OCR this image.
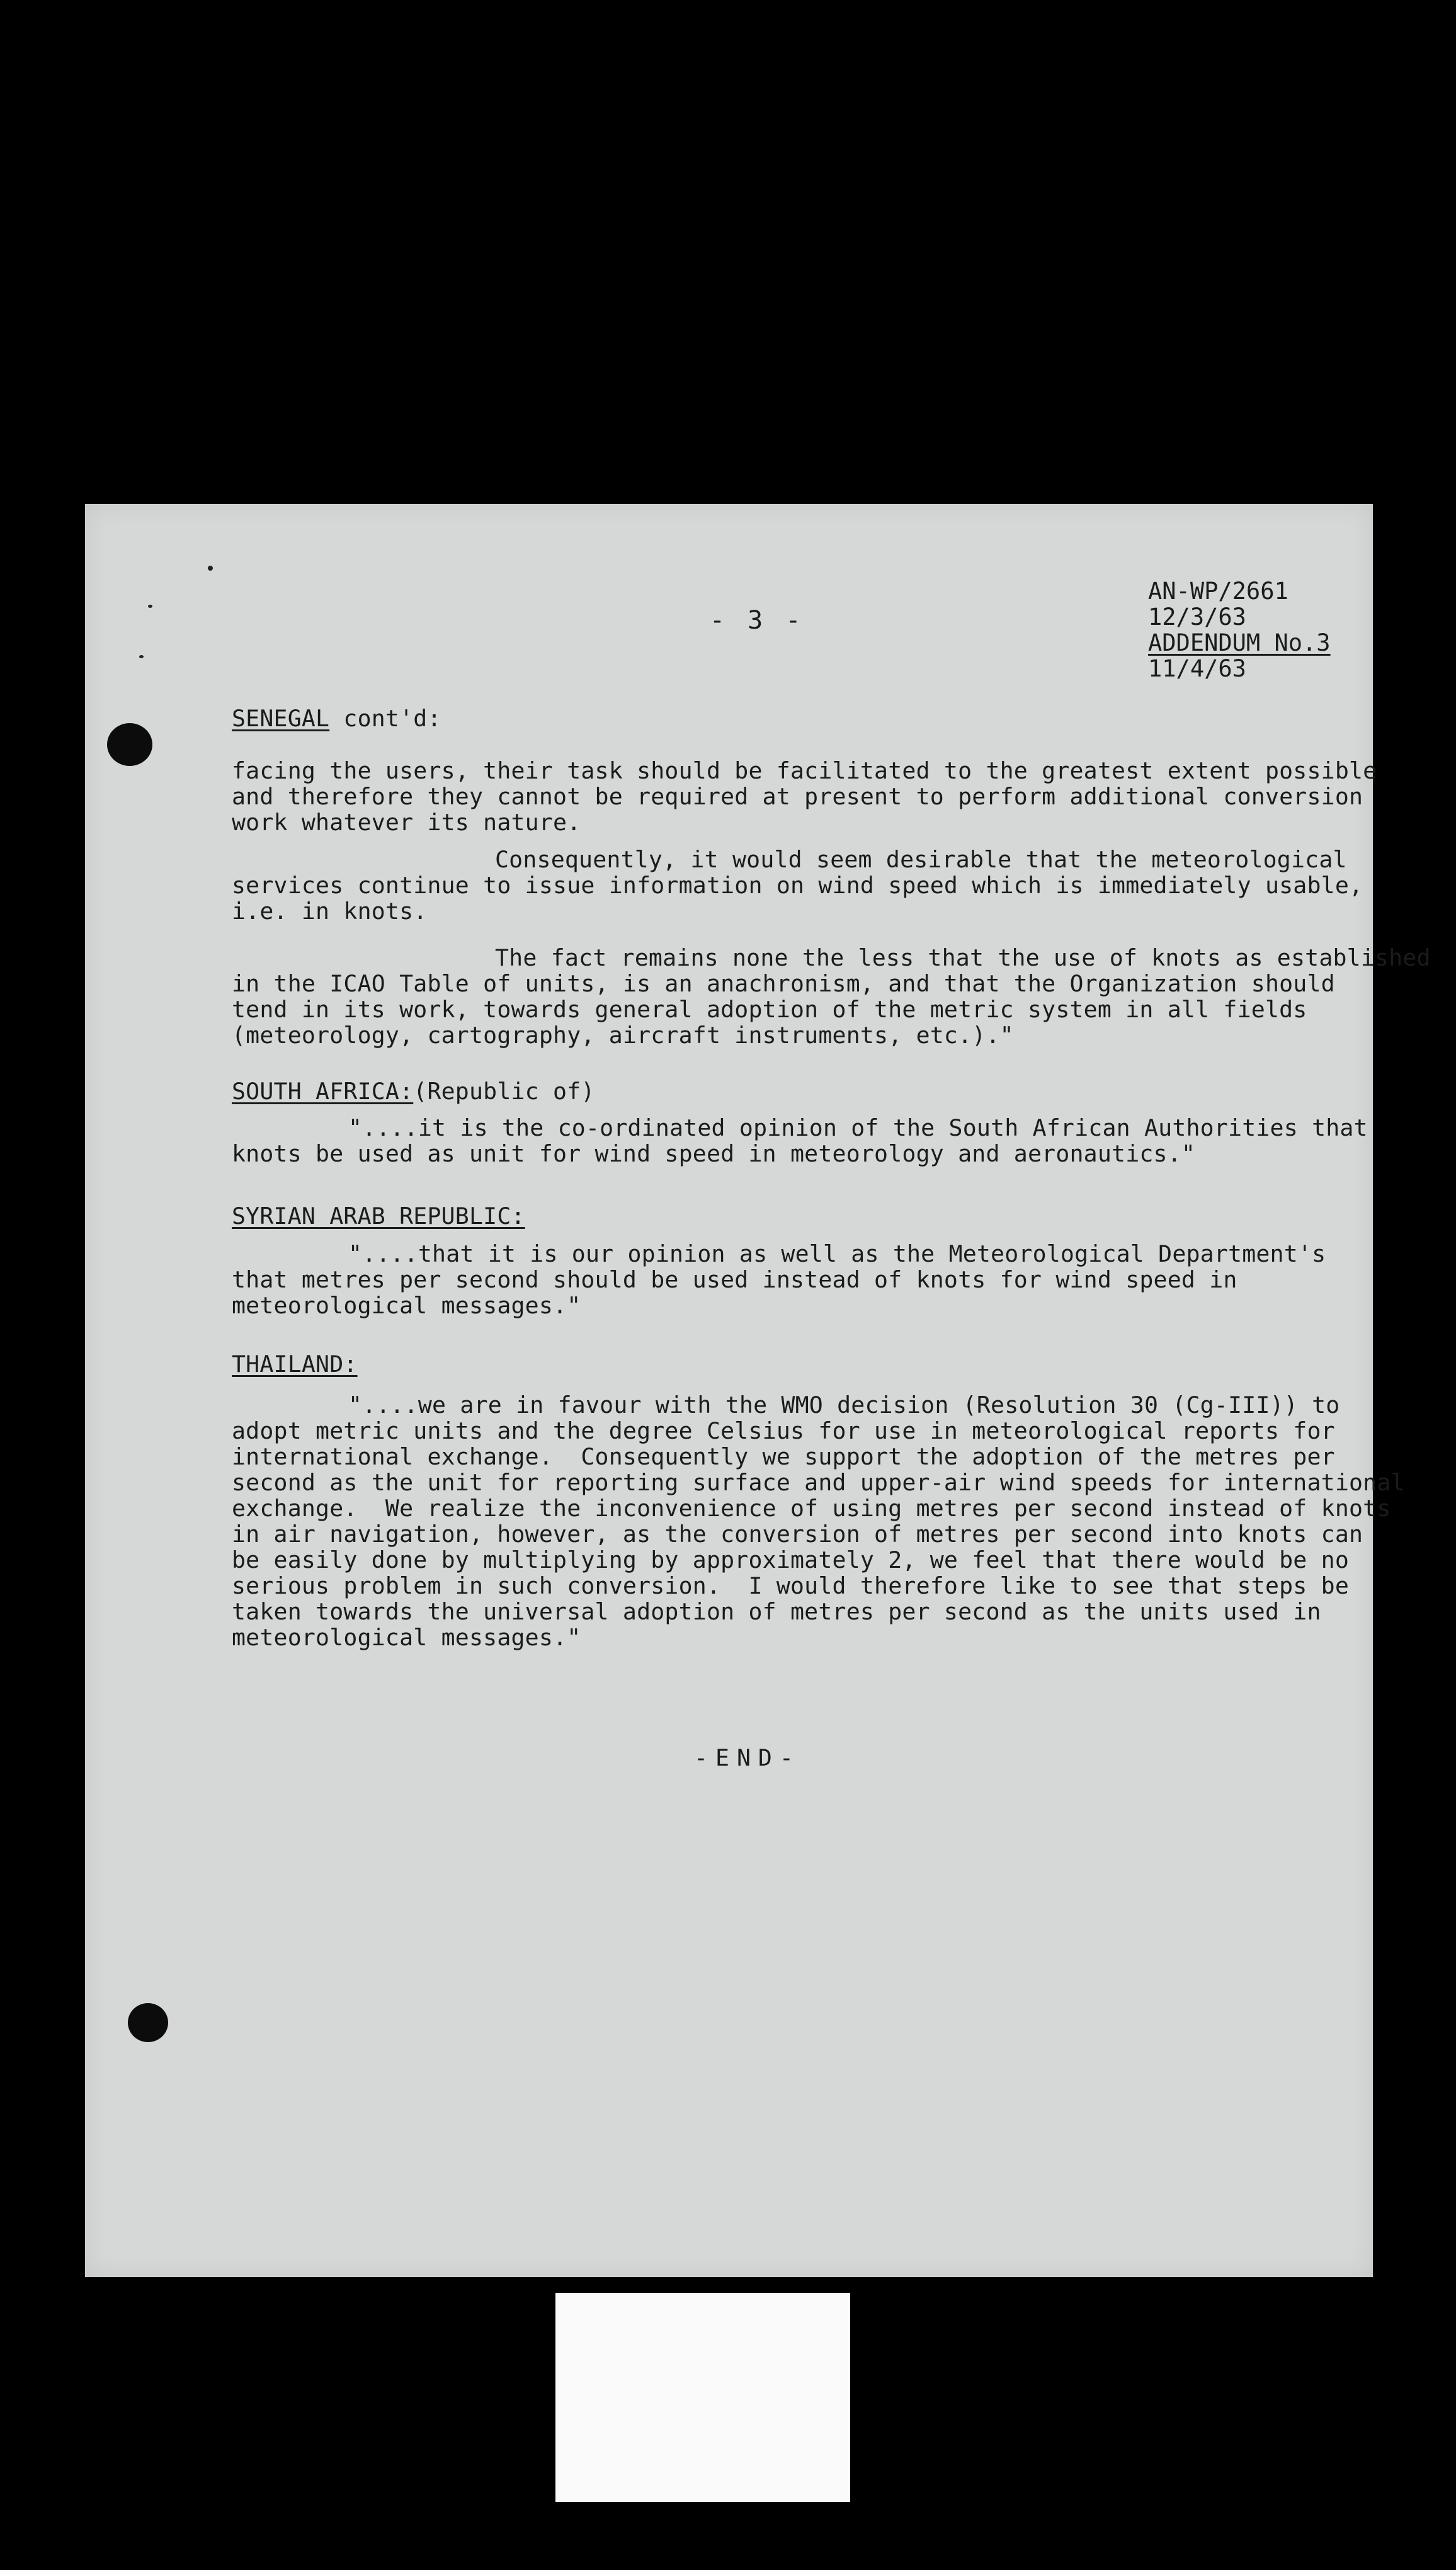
- 3 -
AN-WP/2661
12/3/63
ADDENDUM No.3
11/4/63
SENEGAL cont'd:
facing the users, their task should be facilitated to the greatest extent possible
and therefore they cannot be required at present to perform additional conversion
work whatever its nature.
Consequently, it would seem desirable that the meteorological
services continue to issue information on wind speed which is immediately usable,
i.e. in knots.
The fact remains none the less that the use of knots as established
in the ICAO Table of units, is an anachronism, and that the Organization should
tend in its work, towards general adoption of the metric system in all fields
(meteorology, cartography, aircraft instruments, etc.)."
SOUTH AFRICA:(Republic of)
"....it is the co-ordinated opinion of the South African Authorities that
knots be used as unit for wind speed in meteorology and aeronautics."
SYRIAN ARAB REPUBLIC:
"....that it is our opinion as well as the Meteorological Department's
that metres per second should be used instead of knots for wind speed in
meteorological messages."
THAILAND:
"....we are in favour with the WMO decision (Resolution 30 (Cg-III)) to
adopt metric units and the degree Celsius for use in meteorological reports for
international exchange.  Consequently we support the adoption of the metres per
second as the unit for reporting surface and upper-air wind speeds for international
exchange.  We realize the inconvenience of using metres per second instead of knots
in air navigation, however, as the conversion of metres per second into knots can
be easily done by multiplying by approximately 2, we feel that there would be no
serious problem in such conversion.  I would therefore like to see that steps be
taken towards the universal adoption of metres per second as the units used in
meteorological messages."
-END-
